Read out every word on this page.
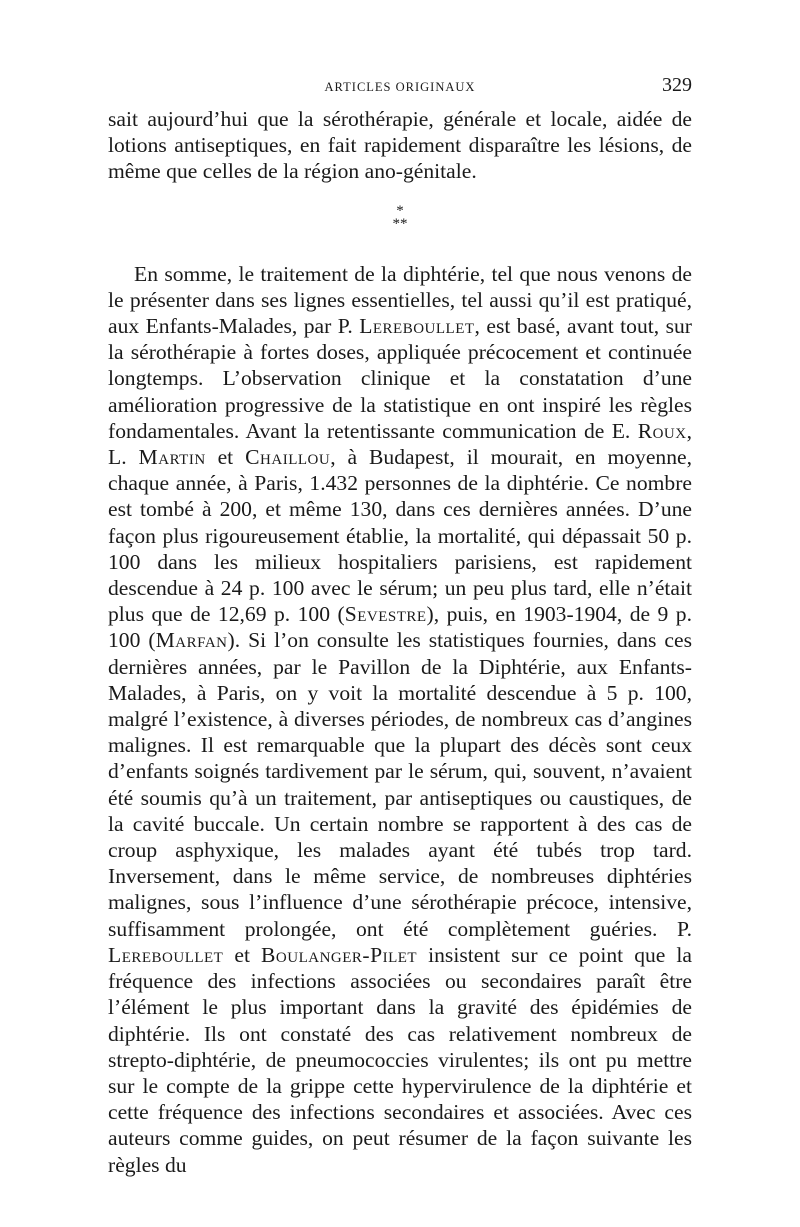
ARTICLES ORIGINAUX	329

sait aujourd’hui que la sérothérapie, générale et locale, aidée de lotions antiseptiques, en fait rapidement disparaître les lésions, de même que celles de la région ano-génitale.

*
**

En somme, le traitement de la diphtérie, tel que nous venons de le présenter dans ses lignes essentielles, tel aussi qu’il est pratiqué, aux Enfants-Malades, par P. Lereboullet, est basé, avant tout, sur la sérothérapie à fortes doses, appliquée précocement et continuée longtemps. L’observation clinique et la constatation d’une amélioration progressive de la statistique en ont inspiré les règles fondamentales. Avant la retentissante communication de E. Roux, L. Martin et Chaillou, à Budapest, il mourait, en moyenne, chaque année, à Paris, 1.432 personnes de la diphtérie. Ce nombre est tombé à 200, et même 130, dans ces dernières années. D’une façon plus rigoureusement établie, la mortalité, qui dépassait 50 p. 100 dans les milieux hospitaliers parisiens, est rapidement descendue à 24 p. 100 avec le sérum; un peu plus tard, elle n’était plus que de 12,69 p. 100 (Sevestre), puis, en 1903-1904, de 9 p. 100 (Marfan). Si l’on consulte les statistiques fournies, dans ces dernières années, par le Pavillon de la Diphtérie, aux Enfants-Malades, à Paris, on y voit la mortalité descendue à 5 p. 100, malgré l’existence, à diverses périodes, de nombreux cas d’angines malignes. Il est remarquable que la plupart des décès sont ceux d’enfants soignés tardivement par le sérum, qui, souvent, n’avaient été soumis qu’à un traitement, par antiseptiques ou caustiques, de la cavité buccale. Un certain nombre se rapportent à des cas de croup asphyxique, les malades ayant été tubés trop tard. Inversement, dans le même service, de nombreuses diphtéries malignes, sous l’influence d’une sérothérapie précoce, intensive, suffisamment prolongée, ont été complètement guéries. P. Lereboullet et Boulanger-Pilet insistent sur ce point que la fréquence des infections associées ou secondaires paraît être l’élément le plus important dans la gravité des épidémies de diphtérie. Ils ont constaté des cas relativement nombreux de strepto-diphtérie, de pneumococcies virulentes; ils ont pu mettre sur le compte de la grippe cette hypervirulence de la diphtérie et cette fréquence des infections secondaires et associées. Avec ces auteurs comme guides, on peut résumer de la façon suivante les règles du
